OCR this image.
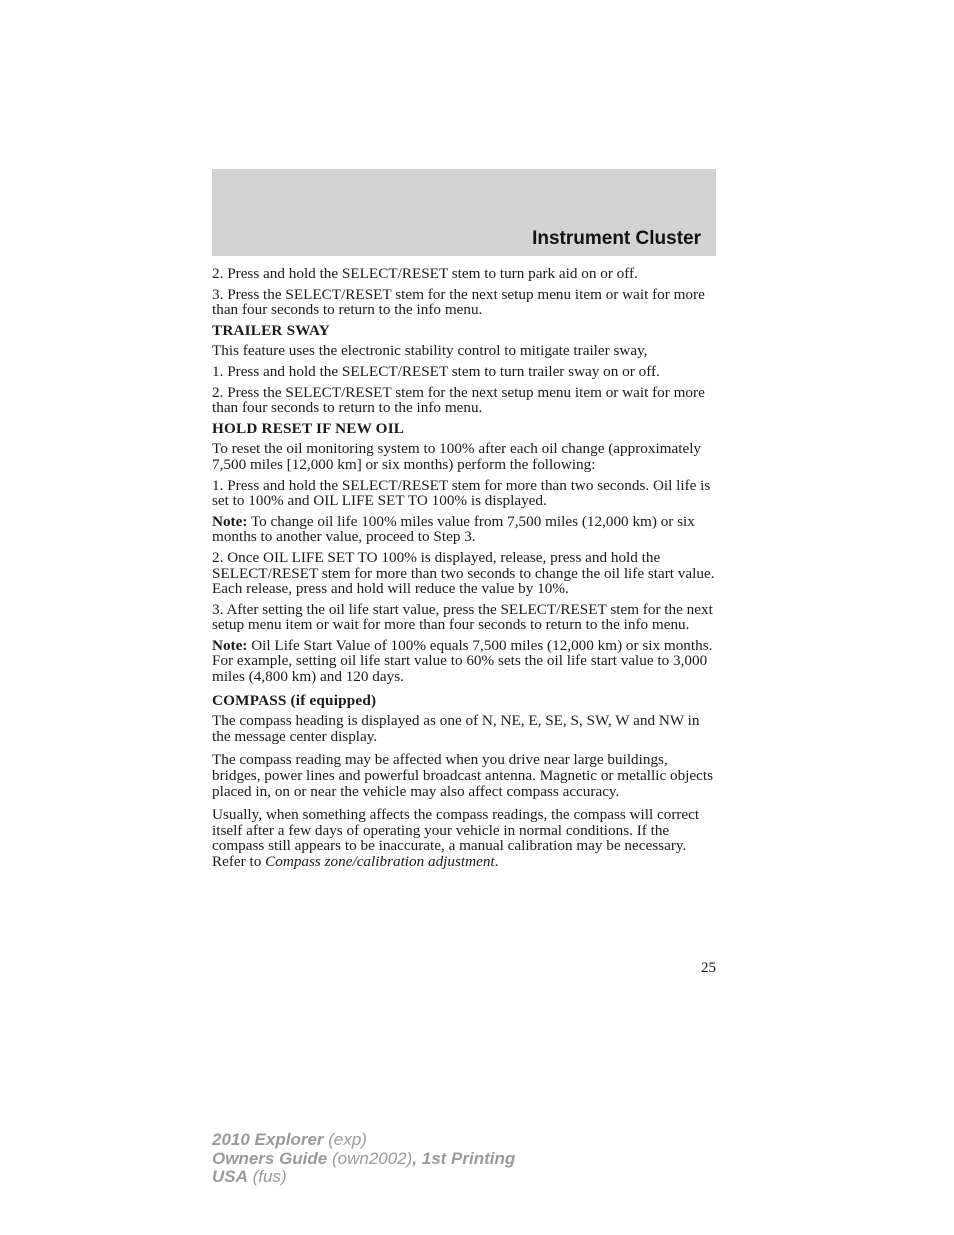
Instrument Cluster

2. Press and hold the SELECT/RESET stem to turn park aid on or off.

3. Press the SELECT/RESET stem for the next setup menu item or wait for more than four seconds to return to the info menu.

TRAILER SWAY

This feature uses the electronic stability control to mitigate trailer sway,

1. Press and hold the SELECT/RESET stem to turn trailer sway on or off.

2. Press the SELECT/RESET stem for the next setup menu item or wait for more than four seconds to return to the info menu.

HOLD RESET IF NEW OIL

To reset the oil monitoring system to 100% after each oil change (approximately 7,500 miles [12,000 km] or six months) perform the following:

1. Press and hold the SELECT/RESET stem for more than two seconds. Oil life is set to 100% and OIL LIFE SET TO 100% is displayed.

Note: To change oil life 100% miles value from 7,500 miles (12,000 km) or six months to another value, proceed to Step 3.

2. Once OIL LIFE SET TO 100% is displayed, release, press and hold the SELECT/RESET stem for more than two seconds to change the oil life start value. Each release, press and hold will reduce the value by 10%.

3. After setting the oil life start value, press the SELECT/RESET stem for the next setup menu item or wait for more than four seconds to return to the info menu.

Note: Oil Life Start Value of 100% equals 7,500 miles (12,000 km) or six months. For example, setting oil life start value to 60% sets the oil life start value to 3,000 miles (4,800 km) and 120 days.

COMPASS (if equipped)

The compass heading is displayed as one of N, NE, E, SE, S, SW, W and NW in the message center display.

The compass reading may be affected when you drive near large buildings, bridges, power lines and powerful broadcast antenna. Magnetic or metallic objects placed in, on or near the vehicle may also affect compass accuracy.

Usually, when something affects the compass readings, the compass will correct itself after a few days of operating your vehicle in normal conditions. If the compass still appears to be inaccurate, a manual calibration may be necessary. Refer to Compass zone/calibration adjustment.

25
2010 Explorer (exp)
Owners Guide (own2002), 1st Printing
USA (fus)
